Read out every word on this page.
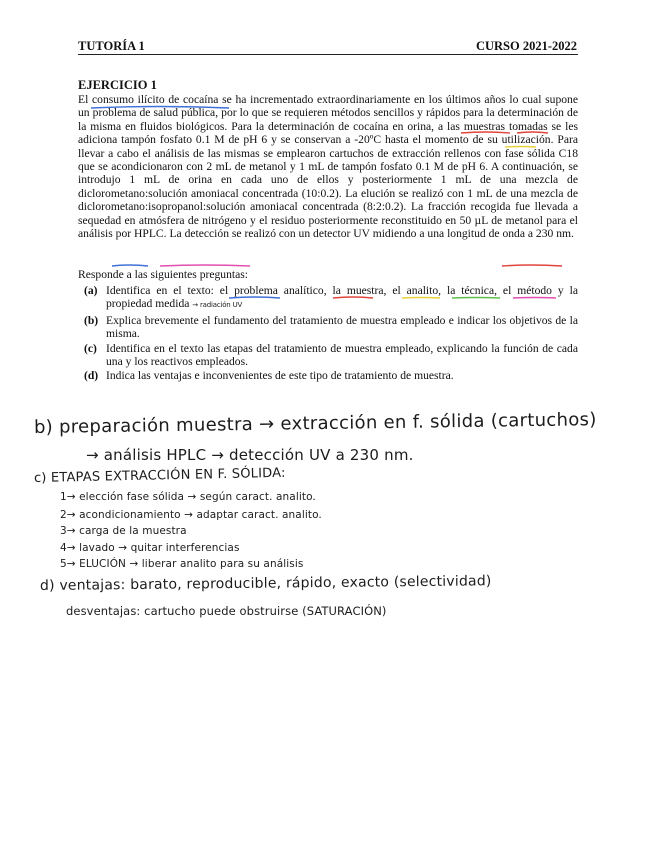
TUTORÍA 1	CURSO 2021-2022
EJERCICIO 1
El consumo ilícito de cocaína se ha incrementado extraordinariamente en los últimos años lo cual supone un problema de salud pública, por lo que se requieren métodos sencillos y rápidos para la determinación de la misma en fluidos biológicos. Para la determinación de cocaína en orina, a las muestras tomadas se les adiciona tampón fosfato 0.1 M de pH 6 y se conservan a -20ºC hasta el momento de su utilización. Para llevar a cabo el análisis de las mismas se emplearon cartuchos de extracción rellenos con fase sólida C18 que se acondicionaron con 2 mL de metanol y 1 mL de tampón fosfato 0.1 M de pH 6. A continuación, se introdujo 1 mL de orina en cada uno de ellos y posteriormente 1 mL de una mezcla de diclorometano:solución amoniacal concentrada (10:0.2). La elución se realizó con 1 mL de una mezcla de diclorometano:isopropanol:solución amoniacal concentrada (8:2:0.2). La fracción recogida fue llevada a sequedad en atmósfera de nitrógeno y el residuo posteriormente reconstituido en 50 µL de metanol para el análisis por HPLC. La detección se realizó con un detector UV midiendo a una longitud de onda a 230 nm.
Responde a las siguientes preguntas:
(a) Identifica en el texto: el problema analítico, la muestra, el analito, la técnica, el método y la propiedad medida → radiación UV
(b) Explica brevemente el fundamento del tratamiento de muestra empleado e indicar los objetivos de la misma.
(c) Identifica en el texto las etapas del tratamiento de muestra empleado, explicando la función de cada una y los reactivos empleados.
(d) Indica las ventajas e inconvenientes de este tipo de tratamiento de muestra.
b) preparación muestra → extracción en f. sólida (cartuchos)
→ análisis HPLC → detección UV a 230 nm.
c) ETAPAS EXTRACCIÓN EN F. SÓLIDA:
1→ elección fase sólida → según caract. analito.
2→ acondicionamiento → adaptar caract. analito.
3→ carga de la muestra
4→ lavado → quitar interferencias
5→ ELUCIÓN → liberar analito para su análisis
d) ventajas: barato, reproducible, rápido, exacto (selectividad)
desventajas: cartucho puede obstruirse (SATURACIÓN)
